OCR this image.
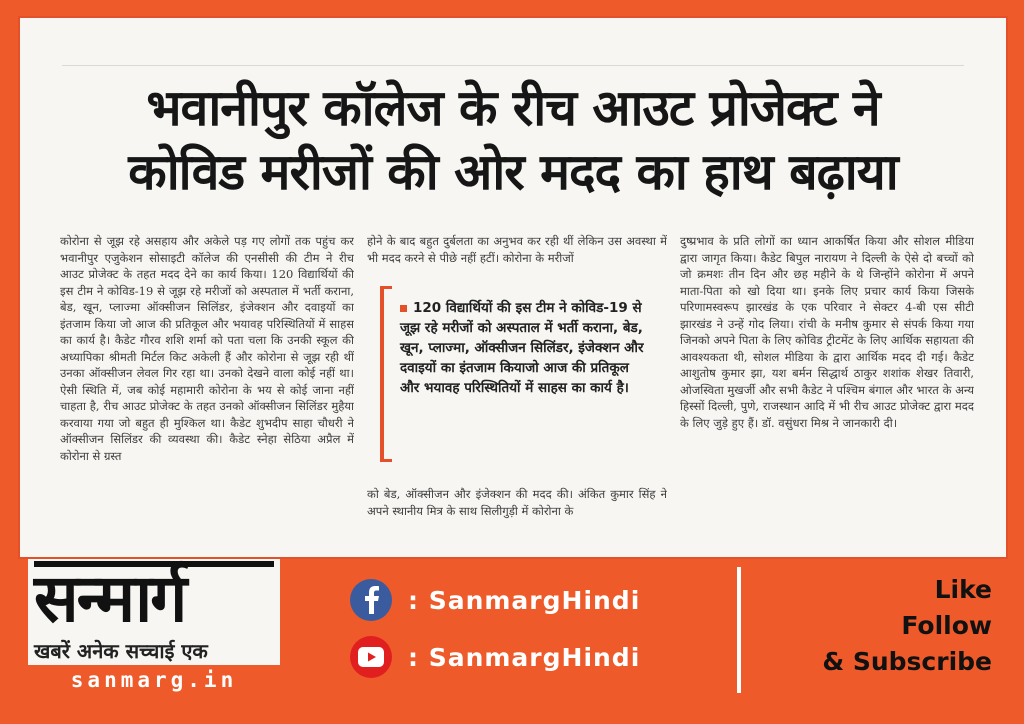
भवानीपुर कॉलेज के रीच आउट प्रोजेक्ट ने
कोविड मरीजों की ओर मदद का हाथ बढ़ाया
कोरोना से जूझ रहे असहाय और अकेले पड़ गए लोगों तक पहुंच कर भवानीपुर एजुकेशन सोसाइटी कॉलेज की एनसीसी की टीम ने रीच आउट प्रोजेक्ट के तहत मदद देने का कार्य किया। 120 विद्यार्थियों की इस टीम ने कोविड-19 से जूझ रहे मरीजों को अस्पताल में भर्ती कराना, बेड, खून, प्लाज्मा ऑक्सीजन सिलिंडर, इंजेक्शन और दवाइयों का इंतजाम किया जो आज की प्रतिकूल और भयावह परिस्थितियों में साहस का कार्य है। कैडेट गौरव शशि शर्मा को पता चला कि उनकी स्कूल की अध्यापिका श्रीमती मिर्टल किट अकेली हैं और कोरोना से जूझ रही थीं उनका ऑक्सीजन लेवल गिर रहा था। उनको देखने वाला कोई नहीं था। ऐसी स्थिति में, जब कोई महामारी कोरोना के भय से कोई जाना नहीं चाहता है, रीच आउट प्रोजेक्ट के तहत उनको ऑक्सीजन सिलिंडर मुहैया करवाया गया जो बहुत ही मुश्किल था। कैडेट शुभदीप साहा चौधरी ने ऑक्सीजन सिलिंडर की व्यवस्था की। कैडेट स्नेहा सेठिया अप्रैल में कोरोना से ग्रस्त
होने के बाद बहुत दुर्बलता का अनुभव कर रही थीं लेकिन उस अवस्था में भी मदद करने से पीछे नहीं हटीं। कोरोना के मरीजों
120 विद्यार्थियों की इस टीम ने कोविड-19 से जूझ रहे मरीजों को अस्पताल में भर्ती कराना, बेड, खून, प्लाज्मा, ऑक्सीजन सिलिंडर, इंजेक्शन और दवाइयों का इंतजाम कियाजो आज की प्रतिकूल और भयावह परिस्थितियों में साहस का कार्य है।
को बेड, ऑक्सीजन और इंजेक्शन की मदद की। अंकित कुमार सिंह ने अपने स्थानीय मित्र के साथ सिलीगुड़ी में कोरोना के
दुष्प्रभाव के प्रति लोगों का ध्यान आकर्षित किया और सोशल मीडिया द्वारा जागृत किया। कैडेट बिपुल नारायण ने दिल्ली के ऐसे दो बच्चों को जो क्रमशः तीन दिन और छह महीने के थे जिन्होंने कोरोना में अपने माता-पिता को खो दिया था। इनके लिए प्रचार कार्य किया जिसके परिणामस्वरूप झारखंड के एक परिवार ने सेक्टर 4-बी एस सीटी झारखंड ने उन्हें गोद लिया। रांची के मनीष कुमार से संपर्क किया गया जिनको अपने पिता के लिए कोविड ट्रीटमेंट के लिए आर्थिक सहायता की आवश्यकता थी, सोशल मीडिया के द्वारा आर्थिक मदद दी गई। कैडेट आशुतोष कुमार झा, यश बर्मन सिद्धार्थ ठाकुर शशांक शेखर तिवारी, ओजस्विता मुखर्जी और सभी कैडेट ने पश्चिम बंगाल और भारत के अन्य हिस्सों दिल्ली, पुणे, राजस्थान आदि में भी रीच आउट प्रोजेक्ट द्वारा मदद के लिए जुड़े हुए हैं। डॉ. वसुंधरा मिश्र ने जानकारी दी।
सन्मार्ग
खबरें अनेक सच्चाई एक
sanmarg.in
: SanmargHindi
: SanmargHindi
Like
Follow
& Subscribe
